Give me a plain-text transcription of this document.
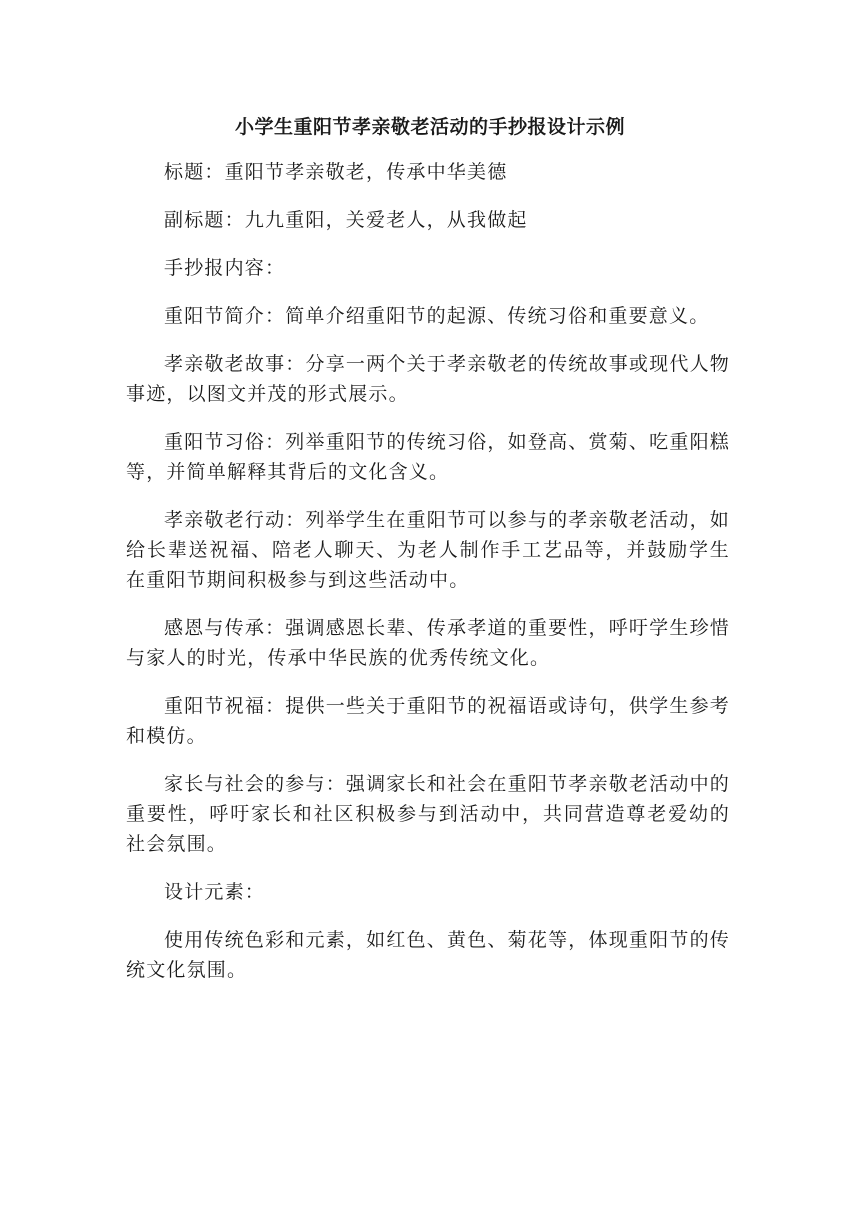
小学生重阳节孝亲敬老活动的手抄报设计示例

标题：重阳节孝亲敬老，传承中华美德

副标题：九九重阳，关爱老人，从我做起

手抄报内容：

重阳节简介：简单介绍重阳节的起源、传统习俗和重要意义。

孝亲敬老故事：分享一两个关于孝亲敬老的传统故事或现代人物事迹，以图文并茂的形式展示。

重阳节习俗：列举重阳节的传统习俗，如登高、赏菊、吃重阳糕等，并简单解释其背后的文化含义。

孝亲敬老行动：列举学生在重阳节可以参与的孝亲敬老活动，如给长辈送祝福、陪老人聊天、为老人制作手工艺品等，并鼓励学生在重阳节期间积极参与到这些活动中。

感恩与传承：强调感恩长辈、传承孝道的重要性，呼吁学生珍惜与家人的时光，传承中华民族的优秀传统文化。

重阳节祝福：提供一些关于重阳节的祝福语或诗句，供学生参考和模仿。

家长与社会的参与：强调家长和社会在重阳节孝亲敬老活动中的重要性，呼吁家长和社区积极参与到活动中，共同营造尊老爱幼的社会氛围。

设计元素：

使用传统色彩和元素，如红色、黄色、菊花等，体现重阳节的传统文化氛围。
